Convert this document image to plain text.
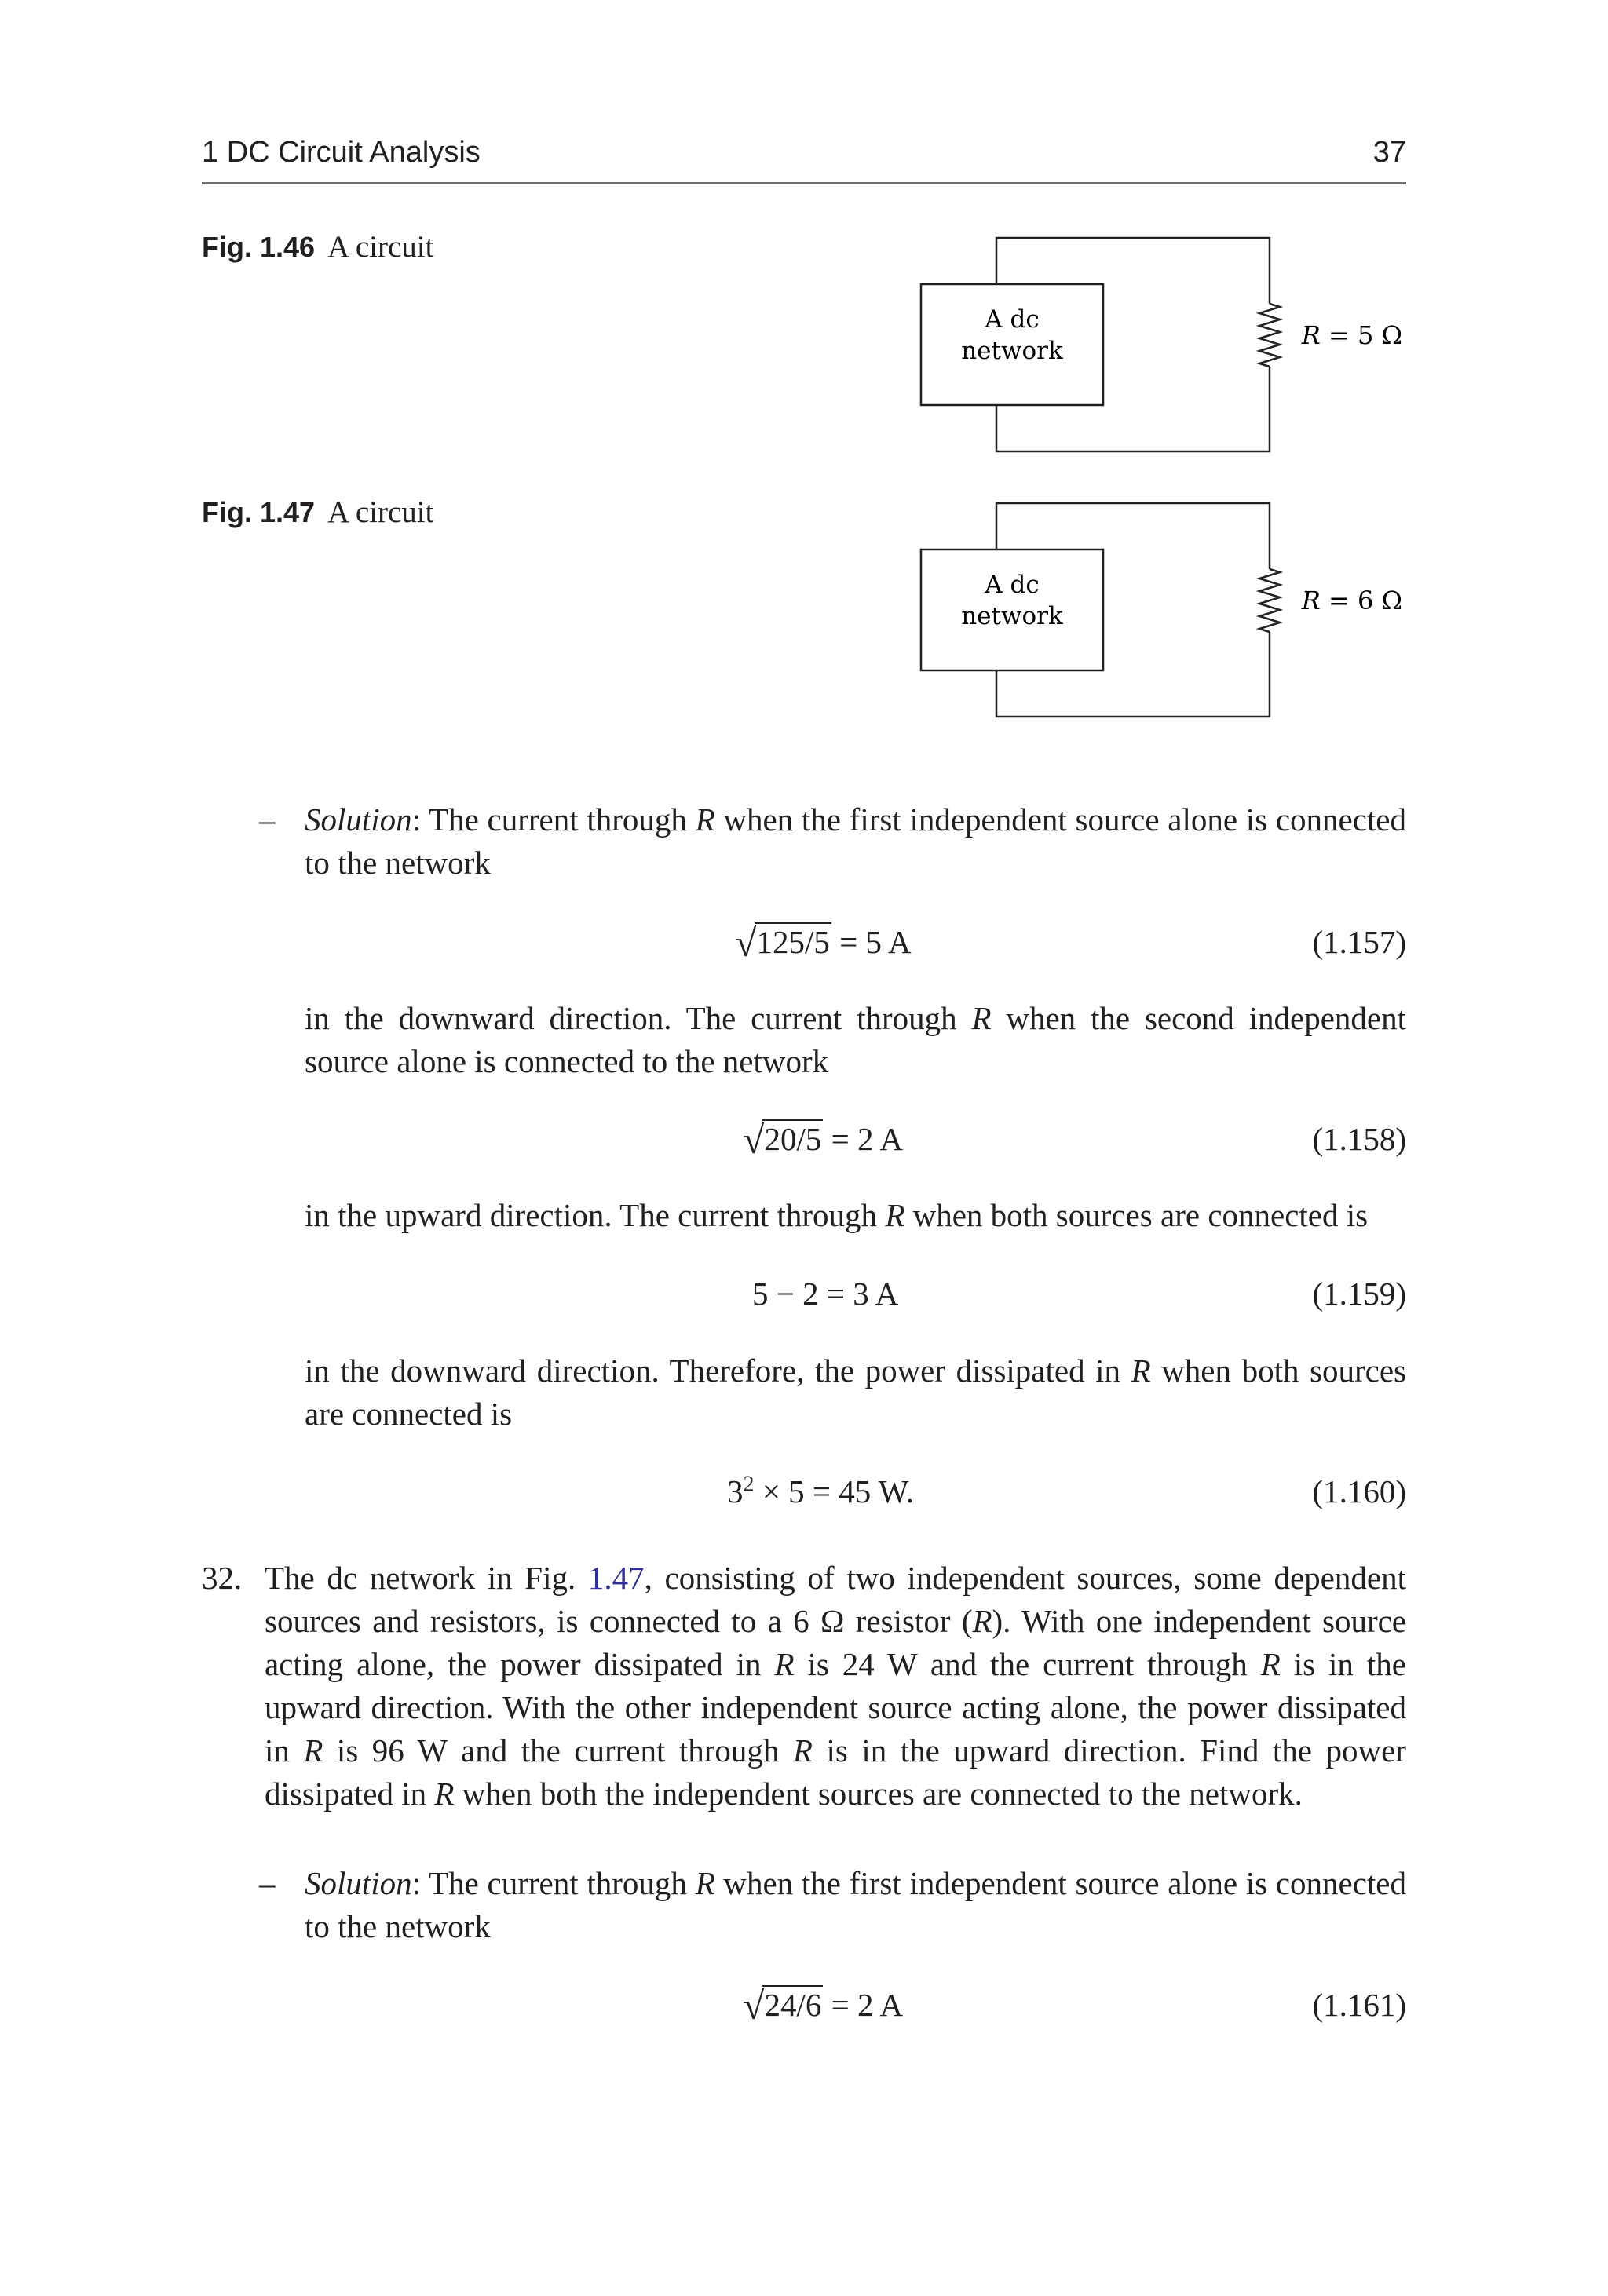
1 DC Circuit Analysis	37
Fig. 1.46 A circuit
A dc
network
R = 5 Ω
Fig. 1.47 A circuit
A dc
network
R = 6 Ω
– Solution: The current through R when the first independent source alone is connected to the network

√125/5 = 5 A	(1.157)

in the downward direction. The current through R when the second independent source alone is connected to the network

√20/5 = 2 A	(1.158)

in the upward direction. The current through R when both sources are connected is

5 − 2 = 3 A	(1.159)

in the downward direction. Therefore, the power dissipated in R when both sources are connected is

$3^2 \times 5 = 45$ W.	(1.160)
32. The dc network in Fig. 1.47, consisting of two independent sources, some dependent sources and resistors, is connected to a 6 Ω resistor (R). With one independent source acting alone, the power dissipated in R is 24 W and the current through R is in the upward direction. With the other independent source acting alone, the power dissipated in R is 96 W and the current through R is in the upward direction. Find the power dissipated in R when both the independent sources are connected to the network.

– Solution: The current through R when the first independent source alone is connected to the network

√24/6 = 2 A	(1.161)
